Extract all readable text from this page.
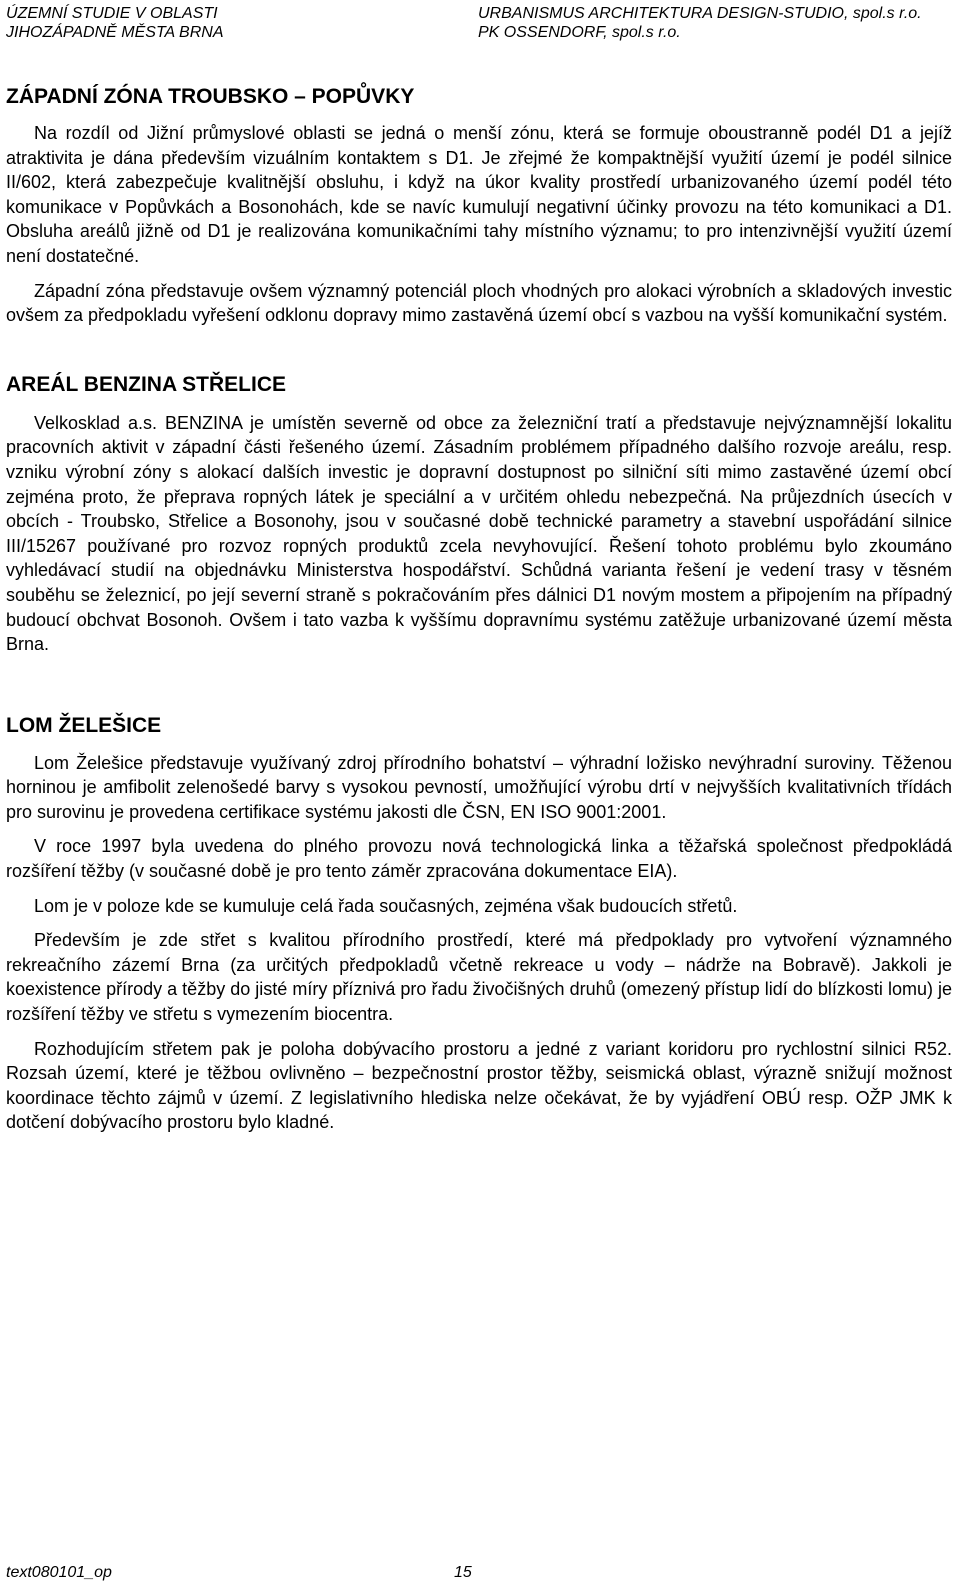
ÚZEMNÍ STUDIE V OBLASTI
JIHOZÁPADNĚ MĚSTA BRNA
URBANISMUS ARCHITEKTURA DESIGN-STUDIO, spol.s r.o.
PK OSSENDORF, spol.s r.o.
ZÁPADNÍ ZÓNA TROUBSKO – POPŮVKY

Na rozdíl od Jižní průmyslové oblasti se jedná o menší zónu, která se formuje oboustranně podél D1 a jejíž atraktivita je dána především vizuálním kontaktem s D1. Je zřejmé že kompaktnější využití území je podél silnice II/602, která zabezpečuje kvalitnější obsluhu, i když na úkor kvality prostředí urbanizovaného území podél této komunikace v Popůvkách a Bosonohách, kde se navíc kumulují negativní účinky provozu na této komunikaci a D1. Obsluha areálů jižně od D1 je realizována komunikačními tahy místního významu; to pro intenzivnější využití území není dostatečné.

Západní zóna představuje ovšem významný potenciál ploch vhodných pro alokaci výrobních a skladových investic ovšem za předpokladu vyřešení odklonu dopravy mimo zastavěná území obcí s vazbou na vyšší komunikační systém.

AREÁL BENZINA STŘELICE

Velkosklad a.s. BENZINA je umístěn severně od obce za železniční tratí a představuje nejvýznamnější lokalitu pracovních aktivit v západní části řešeného území. Zásadním problémem případného dalšího rozvoje areálu, resp. vzniku výrobní zóny s alokací dalších investic je dopravní dostupnost po silniční síti mimo zastavěné území obcí zejména proto, že přeprava ropných látek je speciální a v určitém ohledu nebezpečná. Na průjezdních úsecích v obcích - Troubsko, Střelice a Bosonohy, jsou v současné době technické parametry a stavební uspořádání silnice III/15267 používané pro rozvoz ropných produktů zcela nevyhovující. Řešení tohoto problému bylo zkoumáno vyhledávací studií na objednávku Ministerstva hospodářství. Schůdná varianta řešení je vedení trasy v těsném souběhu se železnicí, po její severní straně s pokračováním přes dálnici D1 novým mostem a připojením na případný budoucí obchvat Bosonoh. Ovšem i tato vazba k vyššímu dopravnímu systému zatěžuje urbanizované území města Brna.

LOM ŽELEŠICE

Lom Želešice představuje využívaný zdroj přírodního bohatství – výhradní ložisko nevýhradní suroviny. Těženou horninou je amfibolit zelenošedé barvy s vysokou pevností, umožňující výrobu drtí v nejvyšších kvalitativních třídách pro surovinu je provedena certifikace systému jakosti dle ČSN, EN ISO 9001:2001.

V roce 1997 byla uvedena do plného provozu nová technologická linka a těžařská společnost předpokládá rozšíření těžby (v současné době je pro tento záměr zpracována dokumentace EIA).

Lom je v poloze kde se kumuluje celá řada současných, zejména však budoucích střetů.

Především je zde střet s kvalitou přírodního prostředí, které má předpoklady pro vytvoření významného rekreačního zázemí Brna (za určitých předpokladů včetně rekreace u vody – nádrže na Bobravě). Jakkoli je koexistence přírody a těžby do jisté míry příznivá pro řadu živočišných druhů (omezený přístup lidí do blízkosti lomu) je rozšíření těžby ve střetu s vymezením biocentra.

Rozhodujícím střetem pak je poloha dobývacího prostoru a jedné z variant koridoru pro rychlostní silnici R52. Rozsah území, které je těžbou ovlivněno – bezpečnostní prostor těžby, seismická oblast, výrazně snižují možnost koordinace těchto zájmů v území. Z legislativního hlediska nelze očekávat, že by vyjádření OBÚ resp. OŽP JMK k dotčení dobývacího prostoru bylo kladné.

text080101_op	15
